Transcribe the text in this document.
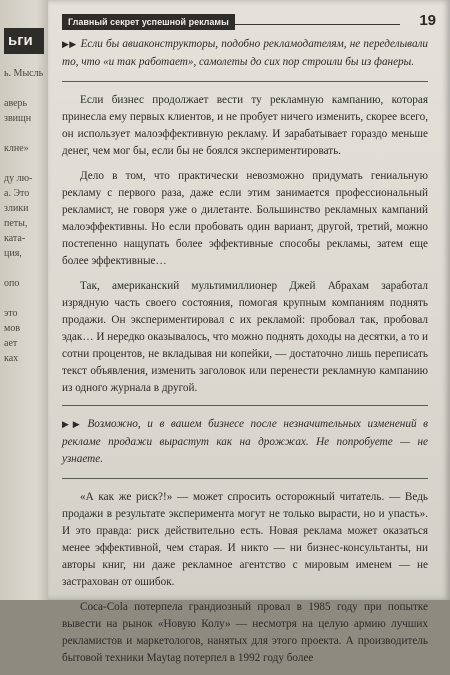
ьги
ь. Мысль

аверь
звищн

клне»

ду лю-
а. Это
злики
петы,
ката-
ция,

опо

это
мов
ает
ках
Главный секрет успешной рекламы	19

▶▶ Если бы авиаконструкторы, подобно рекламодателям, не переделывали то, что «и так работает», самолеты до сих пор строили бы из фанеры.

Если бизнес продолжает вести ту рекламную кампанию, которая принесла ему первых клиентов, и не пробует ничего изменить, скорее всего, он использует малоэффективную рекламу. И зарабатывает гораздо меньше денег, чем мог бы, если бы не боялся экспериментировать.

Дело в том, что практически невозможно придумать гениальную рекламу с первого раза, даже если этим занимается профессиональный рекламист, не говоря уже о дилетанте. Большинство рекламных кампаний малоэффективны. Но если пробовать один вариант, другой, третий, можно постепенно нащупать более эффективные способы рекламы, затем еще более эффективные…

Так, американский мультимиллионер Джей Абрахам заработал изрядную часть своего состояния, помогая крупным компаниям поднять продажи. Он экспериментировал с их рекламой: пробовал так, пробовал эдак… И нередко оказывалось, что можно поднять доходы на десятки, а то и сотни процентов, не вкладывая ни копейки, — достаточно лишь переписать текст объявления, изменить заголовок или перенести рекламную кампанию из одного журнала в другой.

▶▶ Возможно, и в вашем бизнесе после незначительных изменений в рекламе продажи вырастут как на дрожжах. Не попробуете — не узнаете.

«А как же риск?!» — может спросить осторожный читатель. — Ведь продажи в результате эксперимента могут не только вырасти, но и упасть». И это правда: риск действительно есть. Новая реклама может оказаться менее эффективной, чем старая. И никто — ни бизнес-консультанты, ни авторы книг, ни даже рекламное агентство с мировым именем — не застрахован от ошибок.

Coca-Cola потерпела грандиозный провал в 1985 году при попытке вывести на рынок «Новую Колу» — несмотря на целую армию лучших рекламистов и маркетологов, нанятых для этого проекта. А производитель бытовой техники Maytag потерпел в 1992 году более
